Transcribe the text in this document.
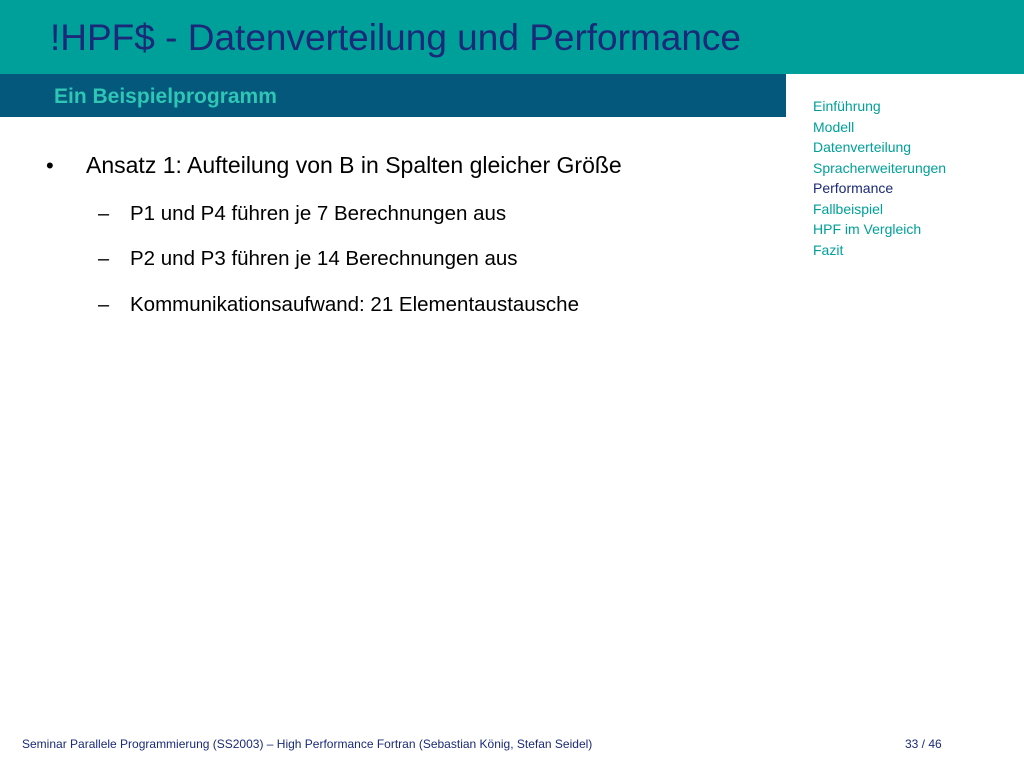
!HPF$ - Datenverteilung und Performance
Ein Beispielprogramm	Einführung
Modell
Datenverteilung
Spracherweiterungen
Performance
Fallbeispiel
HPF im Vergleich
Fazit
• Ansatz 1: Aufteilung von B in Spalten gleicher Größe
– P1 und P4 führen je 7 Berechnungen aus
– P2 und P3 führen je 14 Berechnungen aus
– Kommunikationsaufwand: 21 Elementaustausche
Seminar Parallele Programmierung (SS2003) – High Performance Fortran (Sebastian König, Stefan Seidel)	33 / 46
